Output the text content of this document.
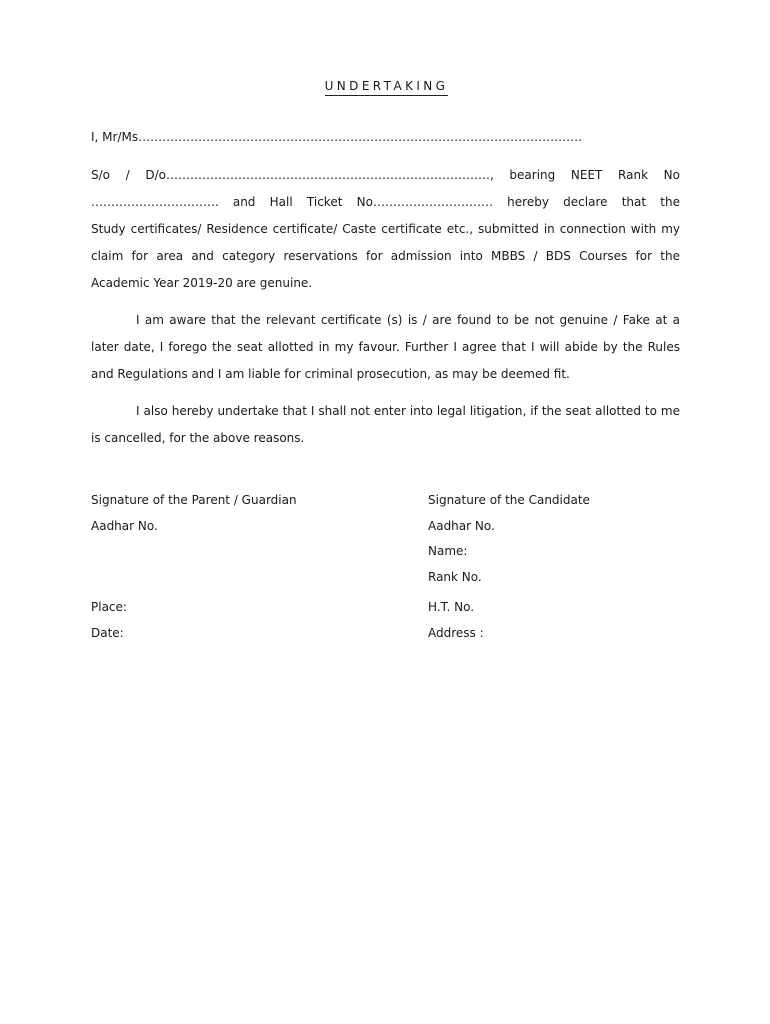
UNDERTAKING
I, Mr/Ms…………………………………………………………………………………………………
S/o / D/o………………………………………………………………………, bearing NEET Rank No
………………………….. and Hall Ticket No………………………… hereby declare that the
Study certificates/ Residence certificate/ Caste certificate etc., submitted in connection with my
claim for area and category reservations for admission into MBBS / BDS Courses for the
Academic Year 2019-20 are genuine.
I am aware that the relevant certificate (s) is / are found to be not genuine / Fake at a
later date, I forego the seat allotted in my favour. Further I agree that I will abide by the Rules
and Regulations and I am liable for criminal prosecution, as may be deemed fit.
I also hereby undertake that I shall not enter into legal litigation, if the seat allotted to me
is cancelled, for the above reasons.
Signature of the Parent / Guardian
Aadhar No.
Place:
Date:
Signature of the Candidate
Aadhar No.
Name:
Rank No.
H.T. No.
Address :
